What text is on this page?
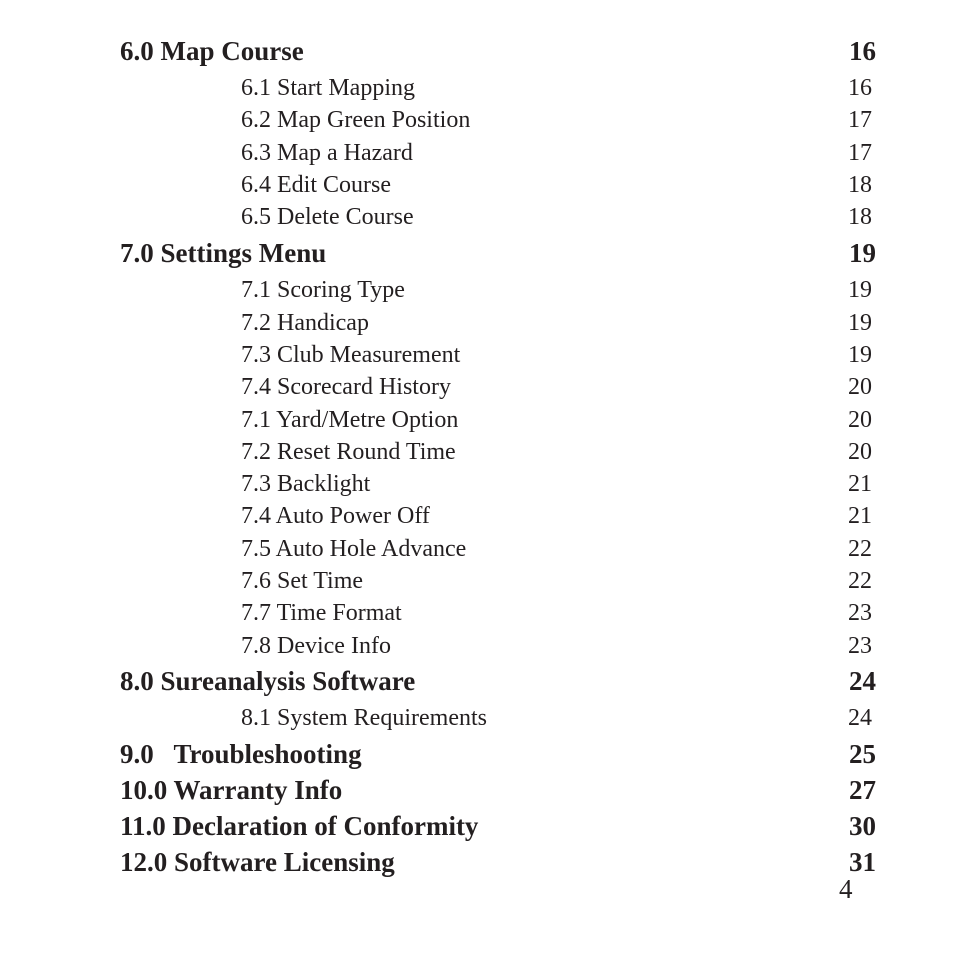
6.0 Map Course	16
6.1 Start Mapping	16
6.2 Map Green Position	17
6.3 Map a Hazard	17
6.4 Edit Course	18
6.5 Delete Course	18
7.0 Settings Menu	19
7.1 Scoring Type	19
7.2 Handicap	19
7.3 Club Measurement	19
7.4 Scorecard History	20
7.1 Yard/Metre Option	20
7.2 Reset Round Time	20
7.3 Backlight	21
7.4 Auto Power Off	21
7.5 Auto Hole Advance	22
7.6 Set Time	22
7.7 Time Format	23
7.8 Device Info	23
8.0 Sureanalysis Software	24
8.1 System Requirements	24
9.0   Troubleshooting	25
10.0 Warranty Info	27
11.0 Declaration of Conformity	30
12.0 Software Licensing	31
4
